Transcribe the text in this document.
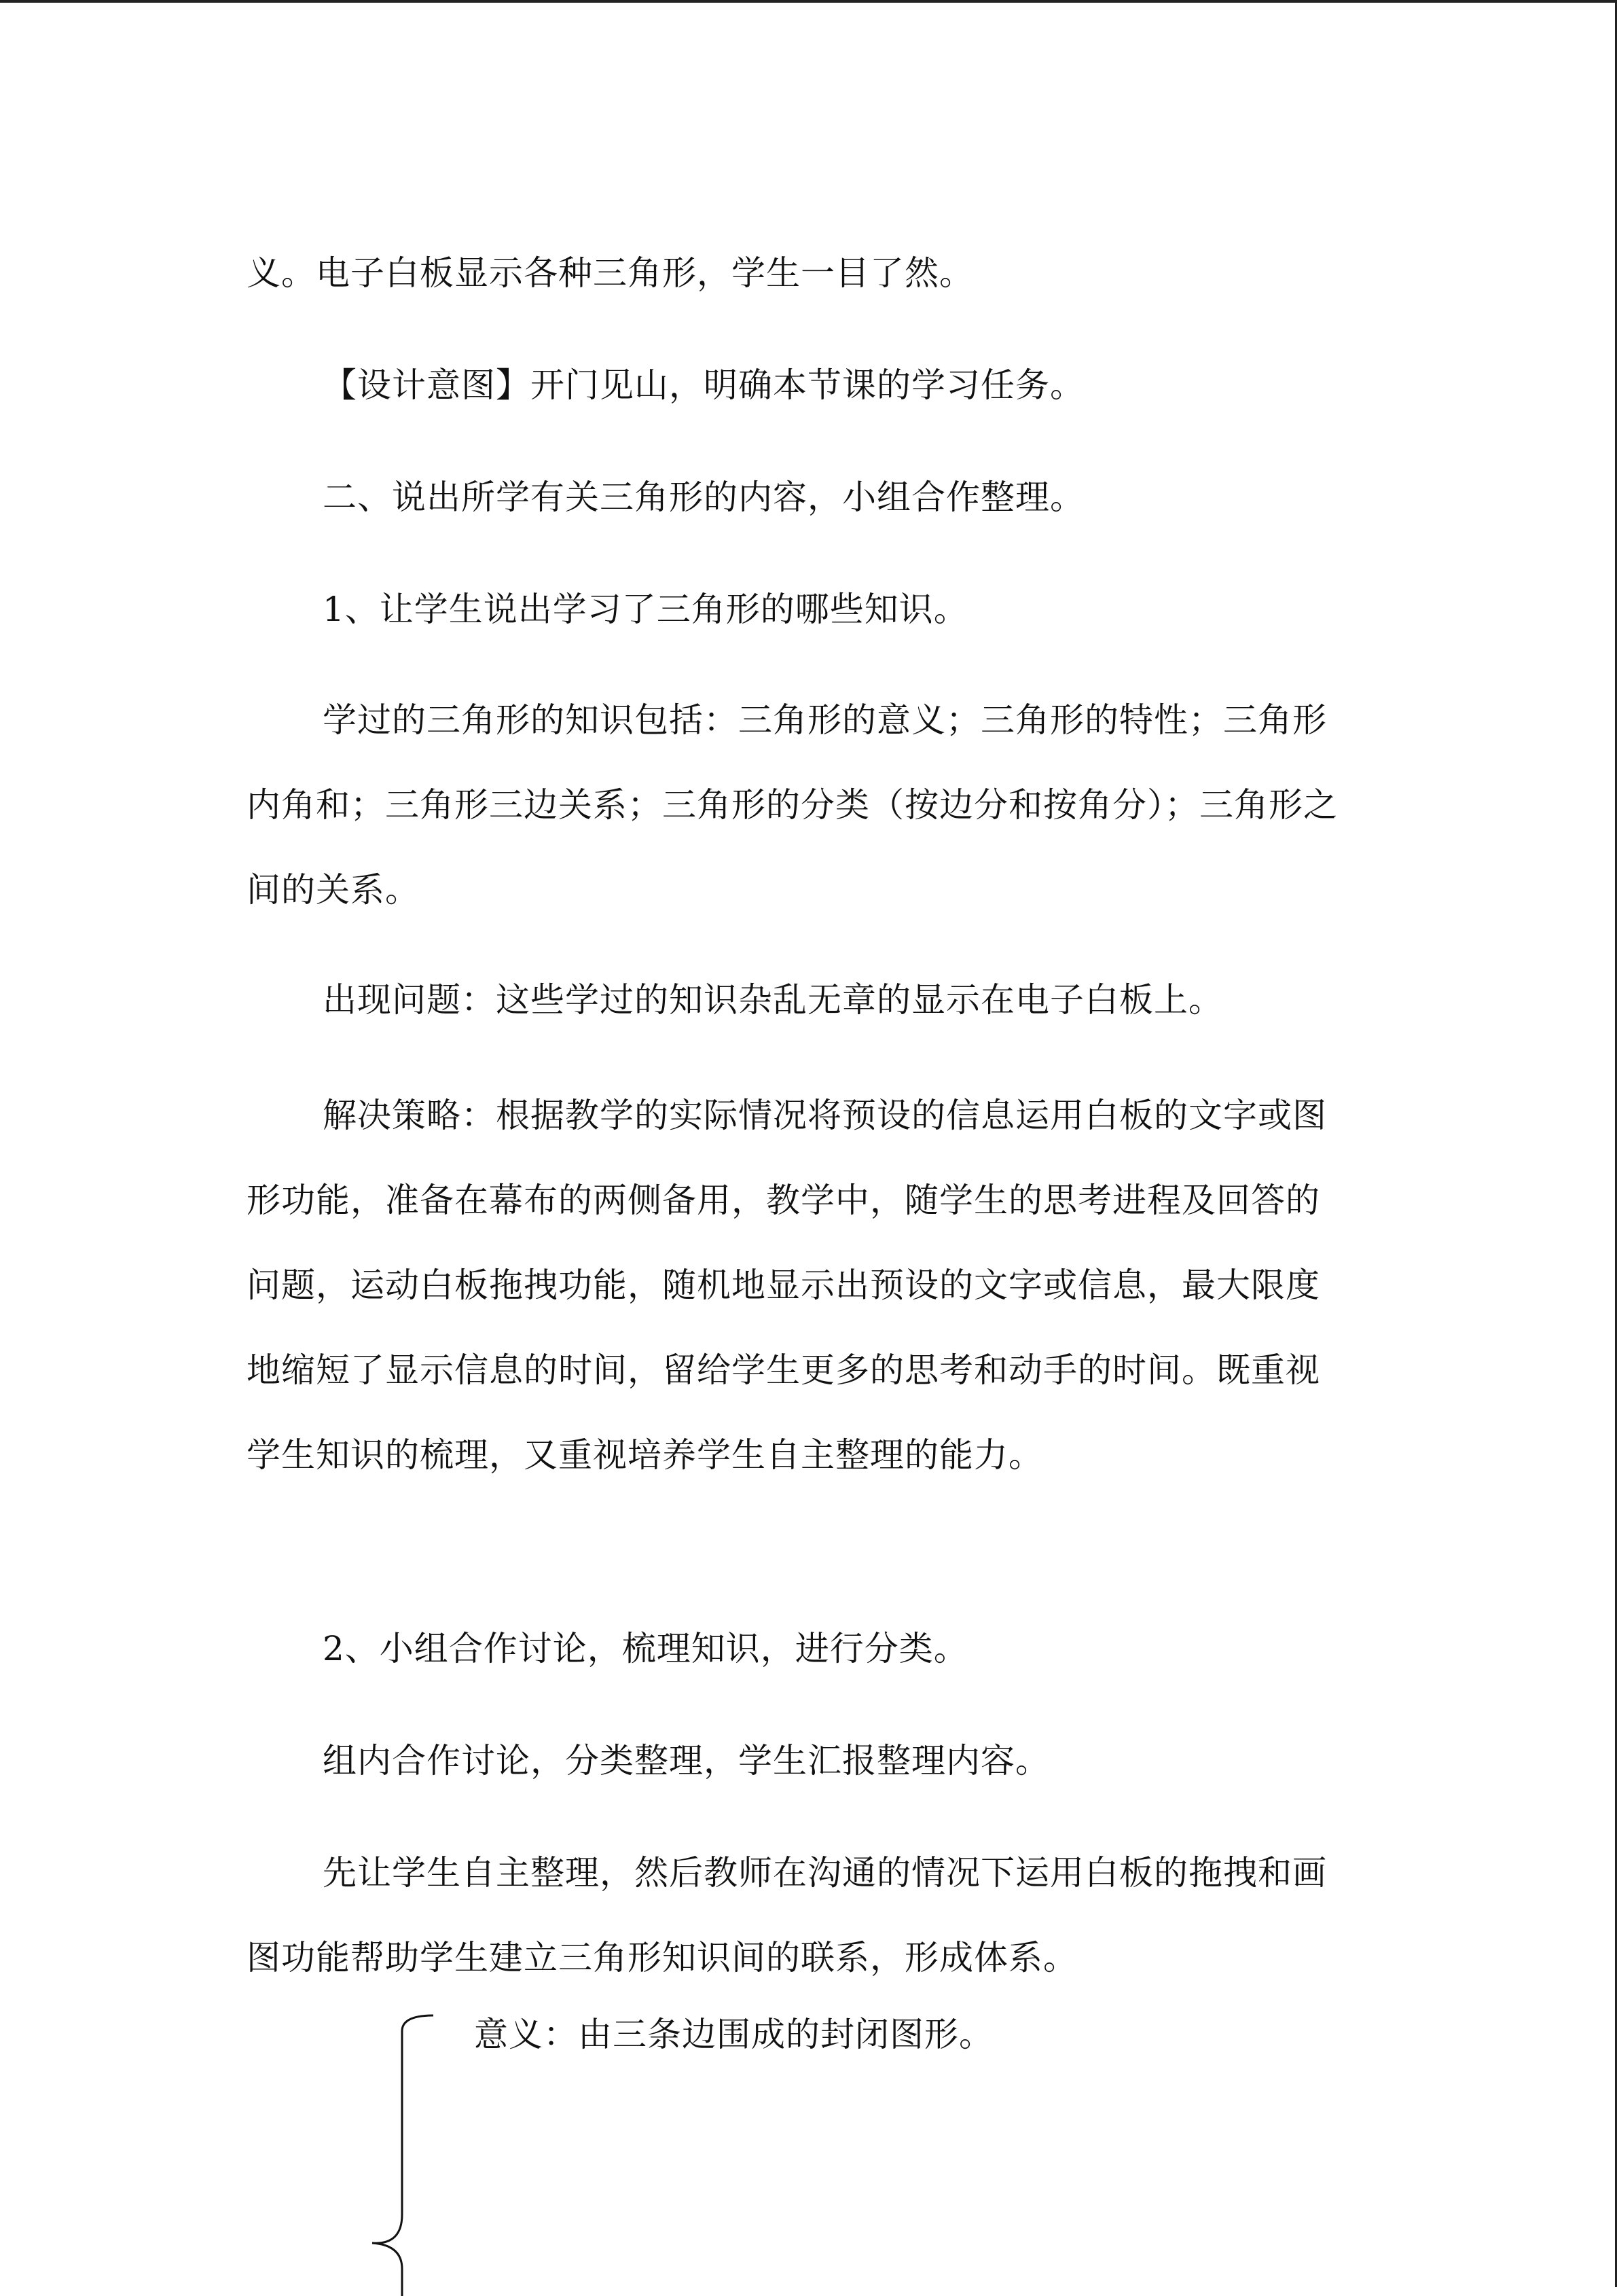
义。电子白板显示各种三角形，学生一目了然。

【设计意图】开门见山，明确本节课的学习任务。

二、说出所学有关三角形的内容，小组合作整理。

1、让学生说出学习了三角形的哪些知识。

学过的三角形的知识包括：三角形的意义；三角形的特性；三角形内角和；三角形三边关系；三角形的分类（按边分和按角分）；三角形之间的关系。

出现问题：这些学过的知识杂乱无章的显示在电子白板上。

解决策略：根据教学的实际情况将预设的信息运用白板的文字或图形功能，准备在幕布的两侧备用，教学中，随学生的思考进程及回答的问题，运动白板拖拽功能，随机地显示出预设的文字或信息，最大限度地缩短了显示信息的时间，留给学生更多的思考和动手的时间。既重视学生知识的梳理，又重视培养学生自主整理的能力。

2、小组合作讨论，梳理知识，进行分类。

组内合作讨论，分类整理，学生汇报整理内容。

先让学生自主整理，然后教师在沟通的情况下运用白板的拖拽和画图功能帮助学生建立三角形知识间的联系，形成体系。

意义：由三条边围成的封闭图形。
